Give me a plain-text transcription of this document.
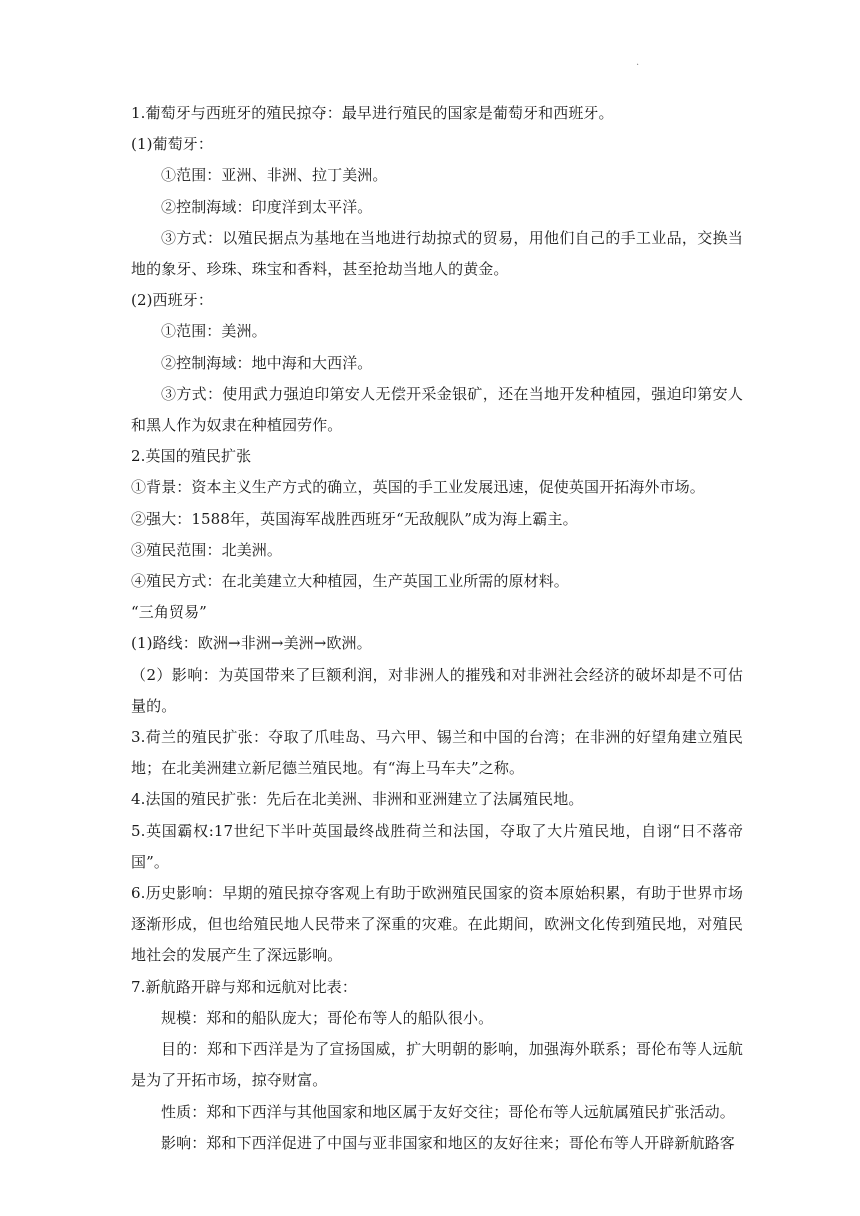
.

1.葡萄牙与西班牙的殖民掠夺：最早进行殖民的国家是葡萄牙和西班牙。

(1)葡萄牙：

①范围：亚洲、非洲、拉丁美洲。

②控制海域：印度洋到太平洋。

③方式：以殖民据点为基地在当地进行劫掠式的贸易，用他们自己的手工业品，交换当地的象牙、珍珠、珠宝和香料，甚至抢劫当地人的黄金。

(2)西班牙：

①范围：美洲。

②控制海域：地中海和大西洋。

③方式：使用武力强迫印第安人无偿开采金银矿，还在当地开发种植园，强迫印第安人和黑人作为奴隶在种植园劳作。

2.英国的殖民扩张

①背景：资本主义生产方式的确立，英国的手工业发展迅速，促使英国开拓海外市场。

②强大：1588年，英国海军战胜西班牙“无敌舰队”成为海上霸主。

③殖民范围：北美洲。

④殖民方式：在北美建立大种植园，生产英国工业所需的原材料。

“三角贸易”

(1)路线：欧洲→非洲→美洲→欧洲。

（2）影响：为英国带来了巨额利润，对非洲人的摧残和对非洲社会经济的破坏却是不可估量的。

3.荷兰的殖民扩张：夺取了爪哇岛、马六甲、锡兰和中国的台湾；在非洲的好望角建立殖民地；在北美洲建立新尼德兰殖民地。有“海上马车夫”之称。

4.法国的殖民扩张：先后在北美洲、非洲和亚洲建立了法属殖民地。

5.英国霸权:17世纪下半叶英国最终战胜荷兰和法国，夺取了大片殖民地，自诩“日不落帝国”。

6.历史影响：早期的殖民掠夺客观上有助于欧洲殖民国家的资本原始积累，有助于世界市场逐渐形成，但也给殖民地人民带来了深重的灾难。在此期间，欧洲文化传到殖民地，对殖民地社会的发展产生了深远影响。

7.新航路开辟与郑和远航对比表：

规模：郑和的船队庞大；哥伦布等人的船队很小。

目的：郑和下西洋是为了宣扬国威，扩大明朝的影响，加强海外联系；哥伦布等人远航是为了开拓市场，掠夺财富。

性质：郑和下西洋与其他国家和地区属于友好交往；哥伦布等人远航属殖民扩张活动。

影响：郑和下西洋促进了中国与亚非国家和地区的友好往来；哥伦布等人开辟新航路客
